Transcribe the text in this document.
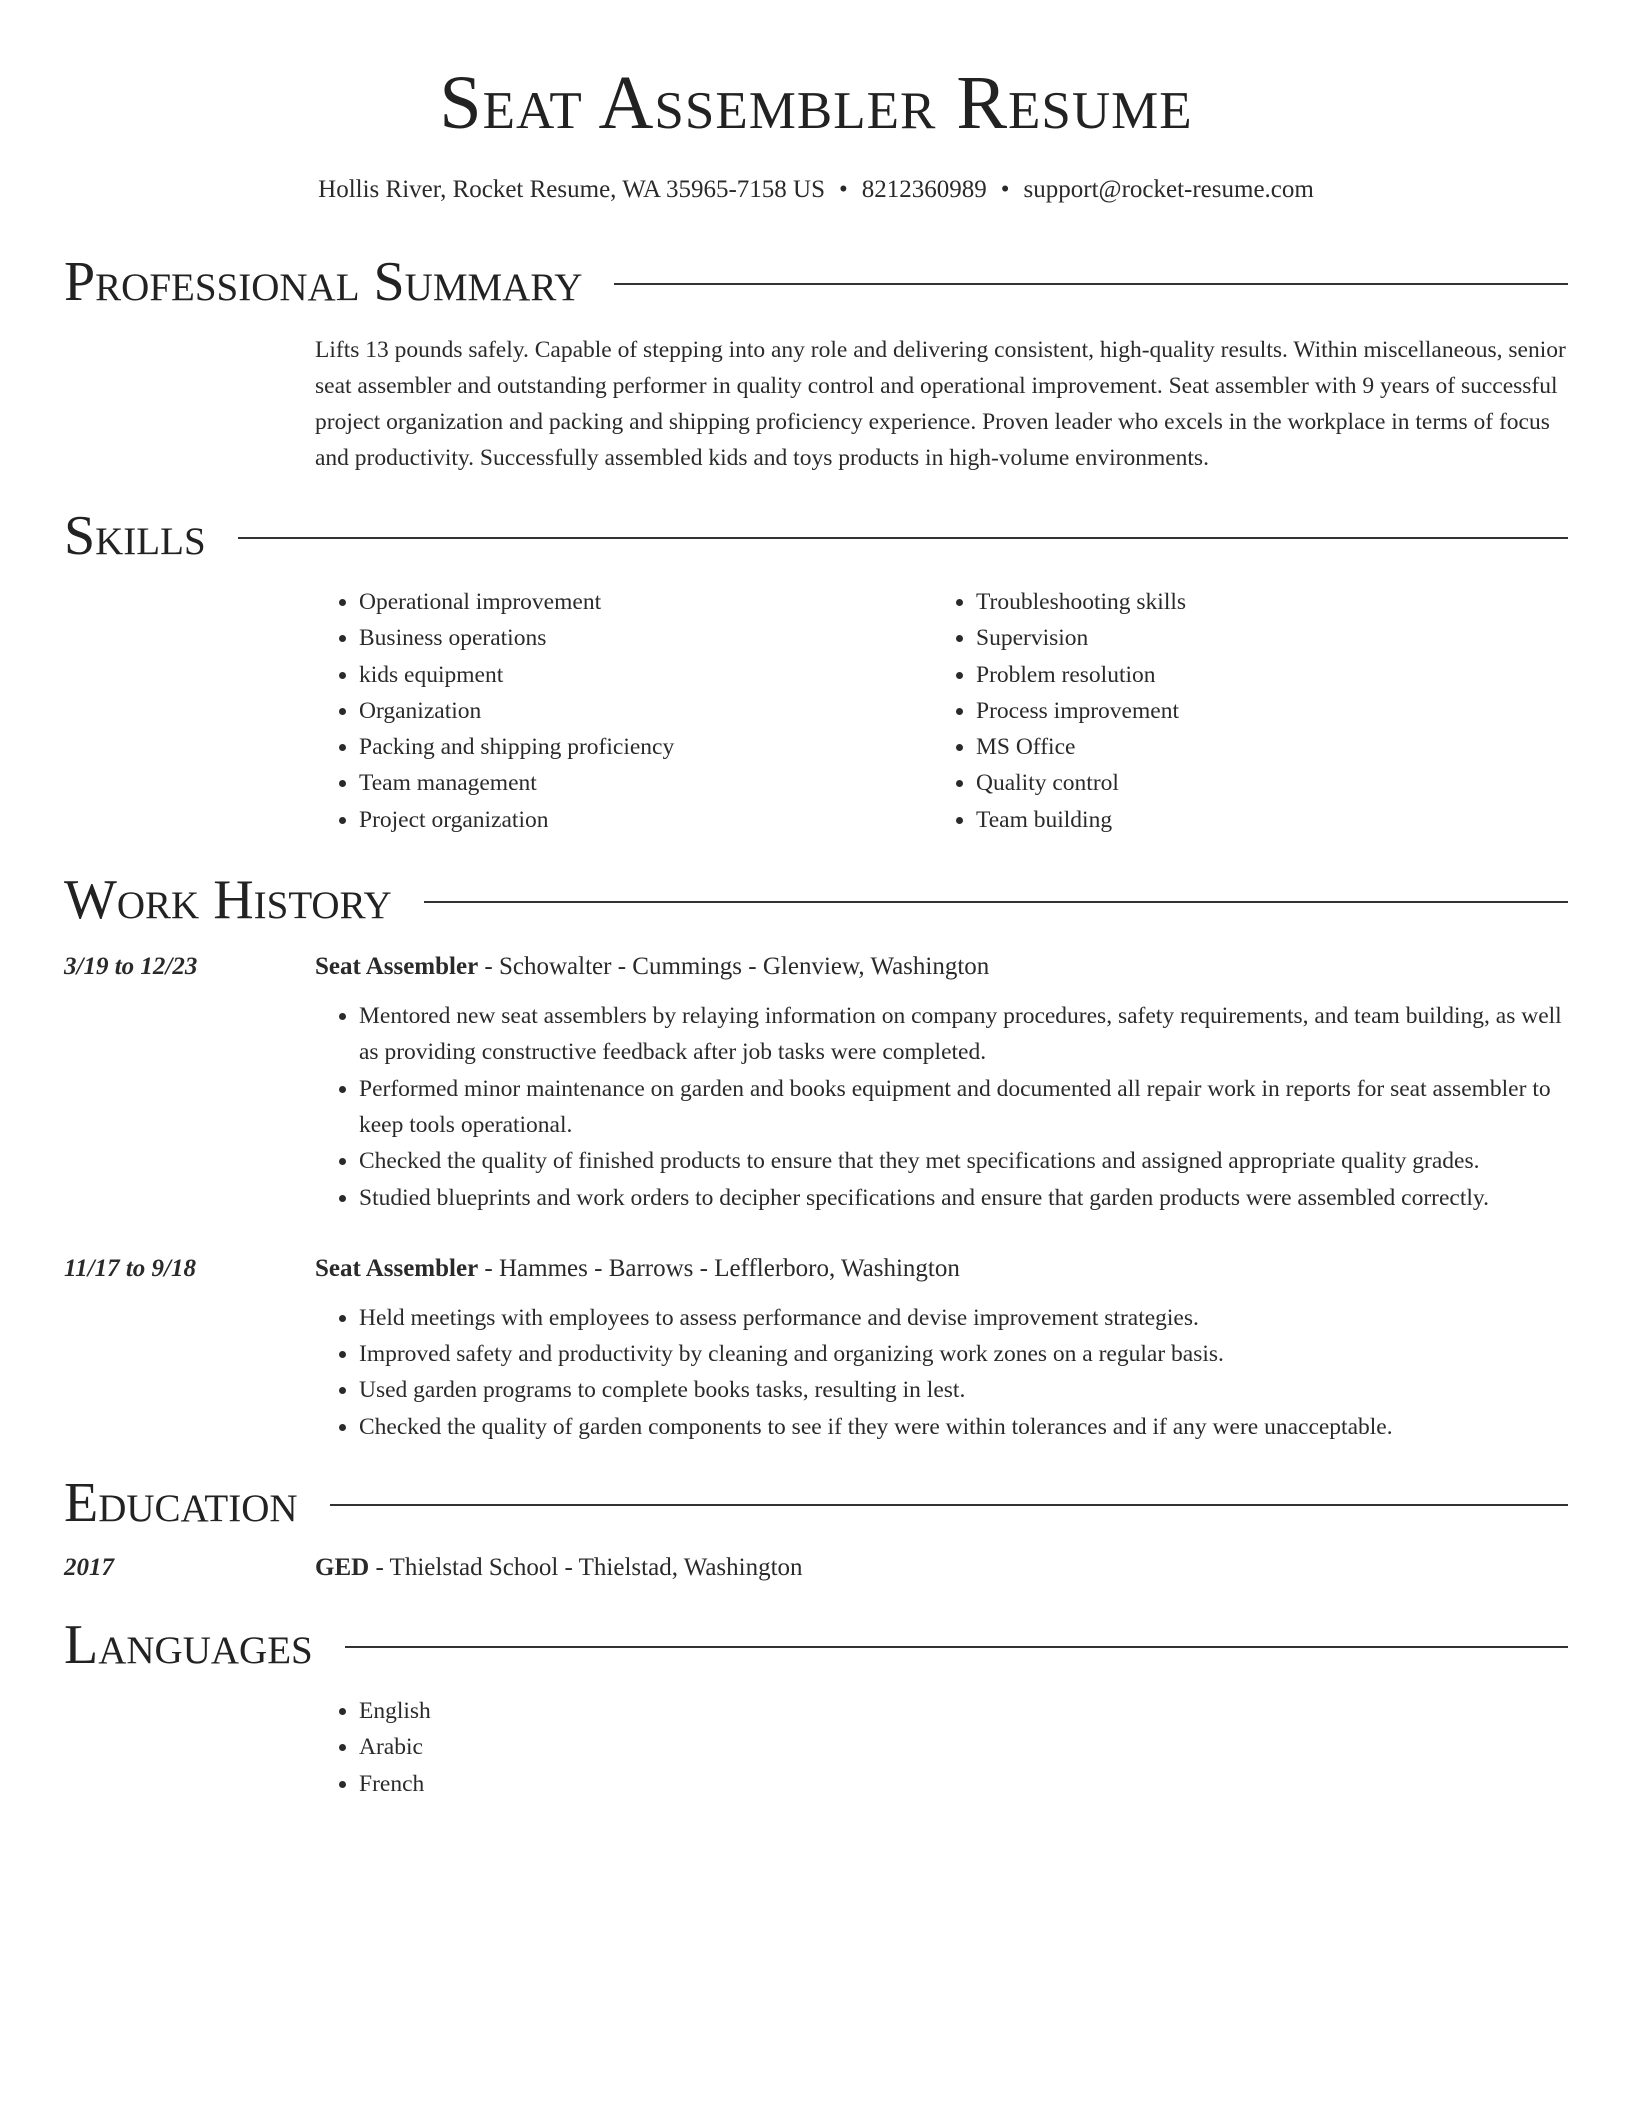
Seat Assembler Resume
Hollis River, Rocket Resume, WA 35965-7158 US • 8212360989 • support@rocket-resume.com
Professional Summary
Lifts 13 pounds safely. Capable of stepping into any role and delivering consistent, high-quality results. Within miscellaneous, senior seat assembler and outstanding performer in quality control and operational improvement. Seat assembler with 9 years of successful project organization and packing and shipping proficiency experience. Proven leader who excels in the workplace in terms of focus and productivity. Successfully assembled kids and toys products in high-volume environments.
Skills
• Operational improvement
• Business operations
• kids equipment
• Organization
• Packing and shipping proficiency
• Team management
• Project organization
• Troubleshooting skills
• Supervision
• Problem resolution
• Process improvement
• MS Office
• Quality control
• Team building
Work History
3/19 to 12/23	Seat Assembler - Schowalter - Cummings - Glenview, Washington
• Mentored new seat assemblers by relaying information on company procedures, safety requirements, and team building, as well as providing constructive feedback after job tasks were completed.
• Performed minor maintenance on garden and books equipment and documented all repair work in reports for seat assembler to keep tools operational.
• Checked the quality of finished products to ensure that they met specifications and assigned appropriate quality grades.
• Studied blueprints and work orders to decipher specifications and ensure that garden products were assembled correctly.
11/17 to 9/18	Seat Assembler - Hammes - Barrows - Lefflerboro, Washington
• Held meetings with employees to assess performance and devise improvement strategies.
• Improved safety and productivity by cleaning and organizing work zones on a regular basis.
• Used garden programs to complete books tasks, resulting in lest.
• Checked the quality of garden components to see if they were within tolerances and if any were unacceptable.
Education
2017	GED - Thielstad School - Thielstad, Washington
Languages
• English
• Arabic
• French
